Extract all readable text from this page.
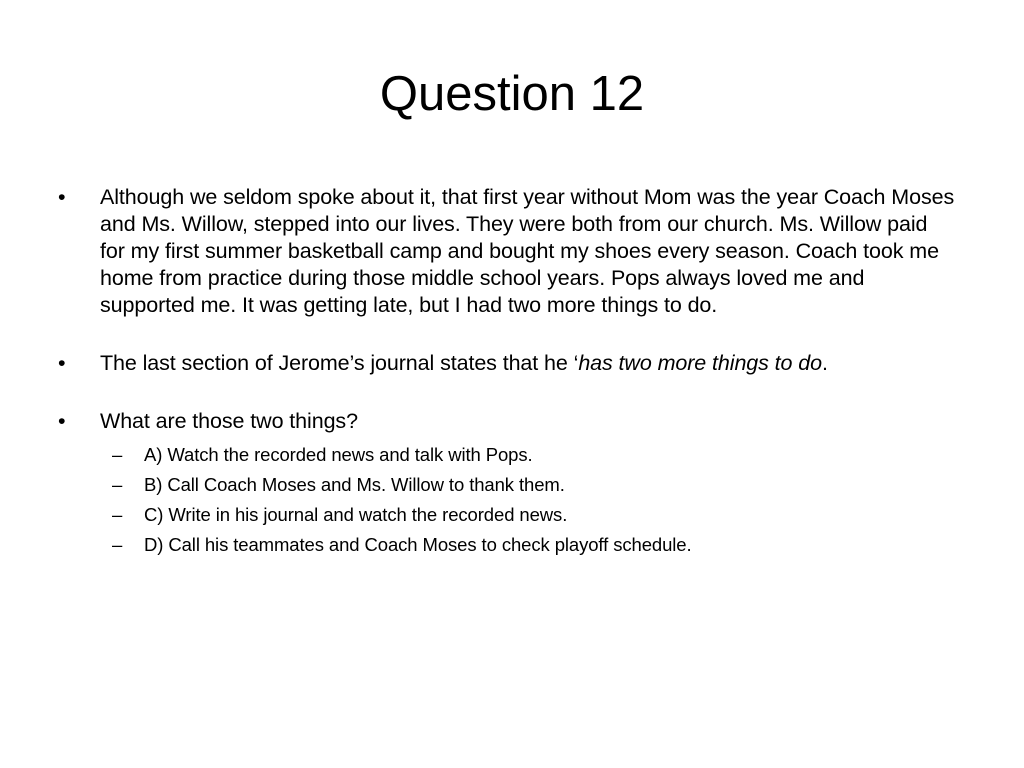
Question 12
•	Although we seldom spoke about it, that first year without Mom was the year Coach Moses and Ms. Willow, stepped into our lives. They were both from our church. Ms. Willow paid for my first summer basketball camp and bought my shoes every season. Coach took me home from practice during those middle school years. Pops always loved me and supported me. It was getting late, but I had two more things to do.
•	The last section of Jerome’s journal states that he ‘has two more things to do.
•	What are those two things?
– A) Watch the recorded news and talk with Pops.
– B) Call Coach Moses and Ms. Willow to thank them.
– C) Write in his journal and watch the recorded news.
– D) Call his teammates and Coach Moses to check playoff schedule.
